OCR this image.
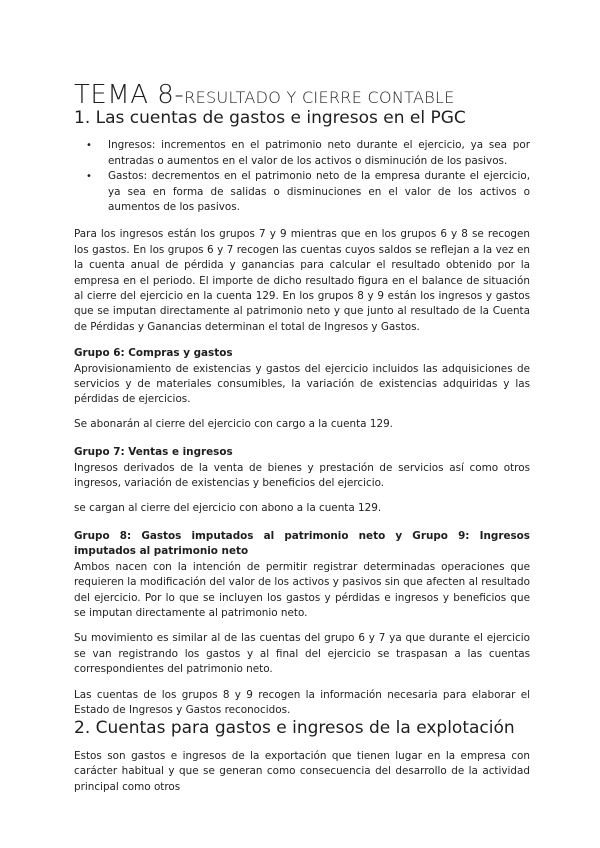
TEMA 8-RESULTADO Y CIERRE CONTABLE
1. Las cuentas de gastos e ingresos en el PGC
• Ingresos: incrementos en el patrimonio neto durante el ejercicio, ya sea por entradas o aumentos en el valor de los activos o disminución de los pasivos.
• Gastos: decrementos en el patrimonio neto de la empresa durante el ejercicio, ya sea en forma de salidas o disminuciones en el valor de los activos o aumentos de los pasivos.

Para los ingresos están los grupos 7 y 9 mientras que en los grupos 6 y 8 se recogen los gastos. En los grupos 6 y 7 recogen las cuentas cuyos saldos se reflejan a la vez en la cuenta anual de pérdida y ganancias para calcular el resultado obtenido por la empresa en el periodo. El importe de dicho resultado figura en el balance de situación al cierre del ejercicio en la cuenta 129. En los grupos 8 y 9 están los ingresos y gastos que se imputan directamente al patrimonio neto y que junto al resultado de la Cuenta de Pérdidas y Ganancias determinan el total de Ingresos y Gastos.

Grupo 6: Compras y gastos

Aprovisionamiento de existencias y gastos del ejercicio incluidos las adquisiciones de servicios y de materiales consumibles, la variación de existencias adquiridas y las pérdidas de ejercicios.

Se abonarán al cierre del ejercicio con cargo a la cuenta 129.

Grupo 7: Ventas e ingresos

Ingresos derivados de la venta de bienes y prestación de servicios así como otros ingresos, variación de existencias y beneficios del ejercicio.

se cargan al cierre del ejercicio con abono a la cuenta 129.

Grupo 8: Gastos imputados al patrimonio neto y Grupo 9: Ingresos imputados al patrimonio neto

Ambos nacen con la intención de permitir registrar determinadas operaciones que requieren la modificación del valor de los activos y pasivos sin que afecten al resultado del ejercicio. Por lo que se incluyen los gastos y pérdidas e ingresos y beneficios que se imputan directamente al patrimonio neto.

Su movimiento es similar al de las cuentas del grupo 6 y 7 ya que durante el ejercicio se van registrando los gastos y al final del ejercicio se traspasan a las cuentas correspondientes del patrimonio neto.

Las cuentas de los grupos 8 y 9 recogen la información necesaria para elaborar el Estado de Ingresos y Gastos reconocidos.

2. Cuentas para gastos e ingresos de la explotación

Estos son gastos e ingresos de la exportación que tienen lugar en la empresa con carácter habitual y que se generan como consecuencia del desarrollo de la actividad principal como otros
